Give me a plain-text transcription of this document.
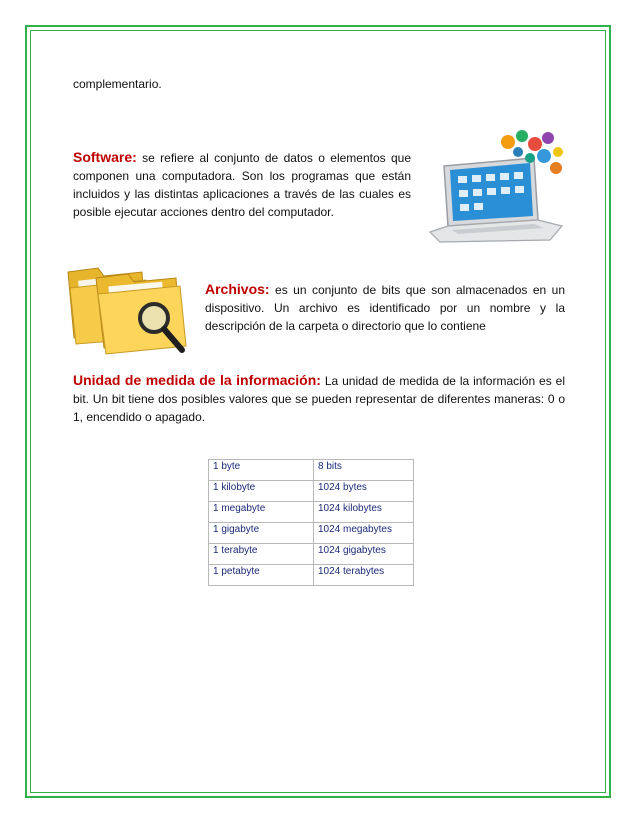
complementario.
Software: se refiere al conjunto de datos o elementos que componen una computadora. Son los programas que están incluidos y las distintas aplicaciones a través de las cuales es posible ejecutar acciones dentro del computador.
Archivos: es un conjunto de bits que son almacenados en un dispositivo. Un archivo es identificado por un nombre y la descripción de la carpeta o directorio que lo contiene
Unidad de medida de la información: La unidad de medida de la información es el bit. Un bit tiene dos posibles valores que se pueden representar de diferentes maneras: 0 o 1, encendido o apagado.
1 byte	8 bits
1 kilobyte	1024 bytes
1 megabyte	1024 kilobytes
1 gigabyte	1024 megabytes
1 terabyte	1024 gigabytes
1 petabyte	1024 terabytes
